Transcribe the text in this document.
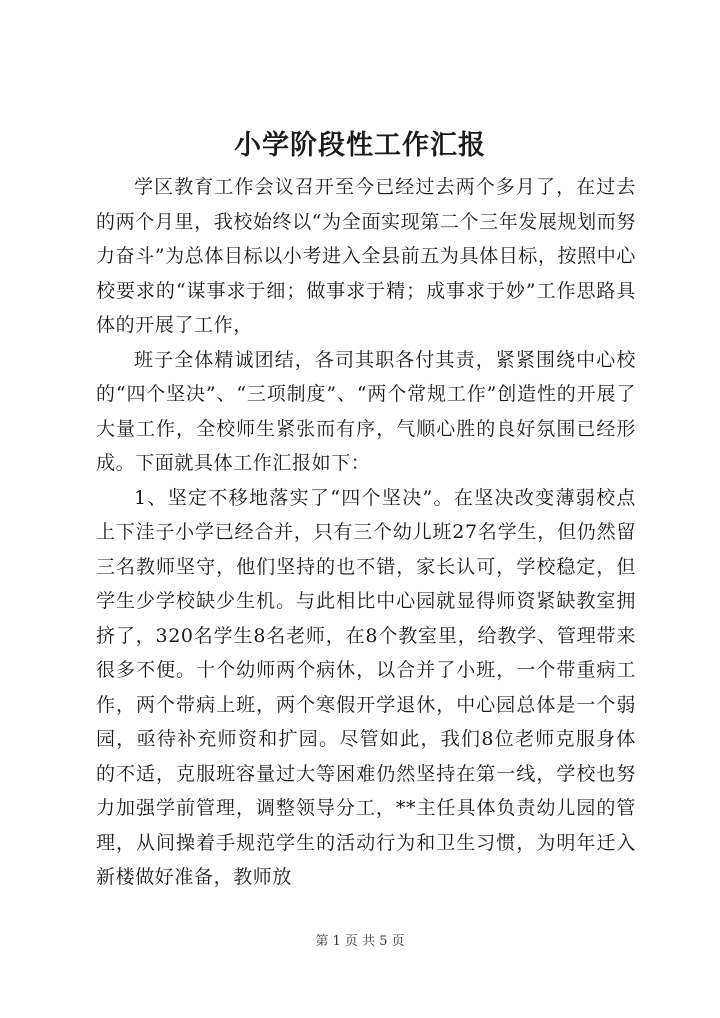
小学阶段性工作汇报

学区教育工作会议召开至今已经过去两个多月了，在过去的两个月里，我校始终以“为全面实现第二个三年发展规划而努力奋斗”为总体目标以小考进入全县前五为具体目标，按照中心校要求的“谋事求于细；做事求于精；成事求于妙”工作思路具体的开展了工作，

班子全体精诚团结，各司其职各付其责，紧紧围绕中心校的“四个坚决”、“三项制度”、“两个常规工作”创造性的开展了大量工作，全校师生紧张而有序，气顺心胜的良好氛围已经形成。下面就具体工作汇报如下：

1、坚定不移地落实了“四个坚决”。在坚决改变薄弱校点上下洼子小学已经合并，只有三个幼儿班27名学生，但仍然留三名教师坚守，他们坚持的也不错，家长认可，学校稳定，但学生少学校缺少生机。与此相比中心园就显得师资紧缺教室拥挤了，320名学生8名老师，在8个教室里，给教学、管理带来很多不便。十个幼师两个病休，以合并了小班，一个带重病工作，两个带病上班，两个寒假开学退休，中心园总体是一个弱园，亟待补充师资和扩园。尽管如此，我们8位老师克服身体的不适，克服班容量过大等困难仍然坚持在第一线，学校也努力加强学前管理，调整领导分工，**主任具体负责幼儿园的管理，从间操着手规范学生的活动行为和卫生习惯，为明年迁入新楼做好准备，教师放

第 1 页 共 5 页
